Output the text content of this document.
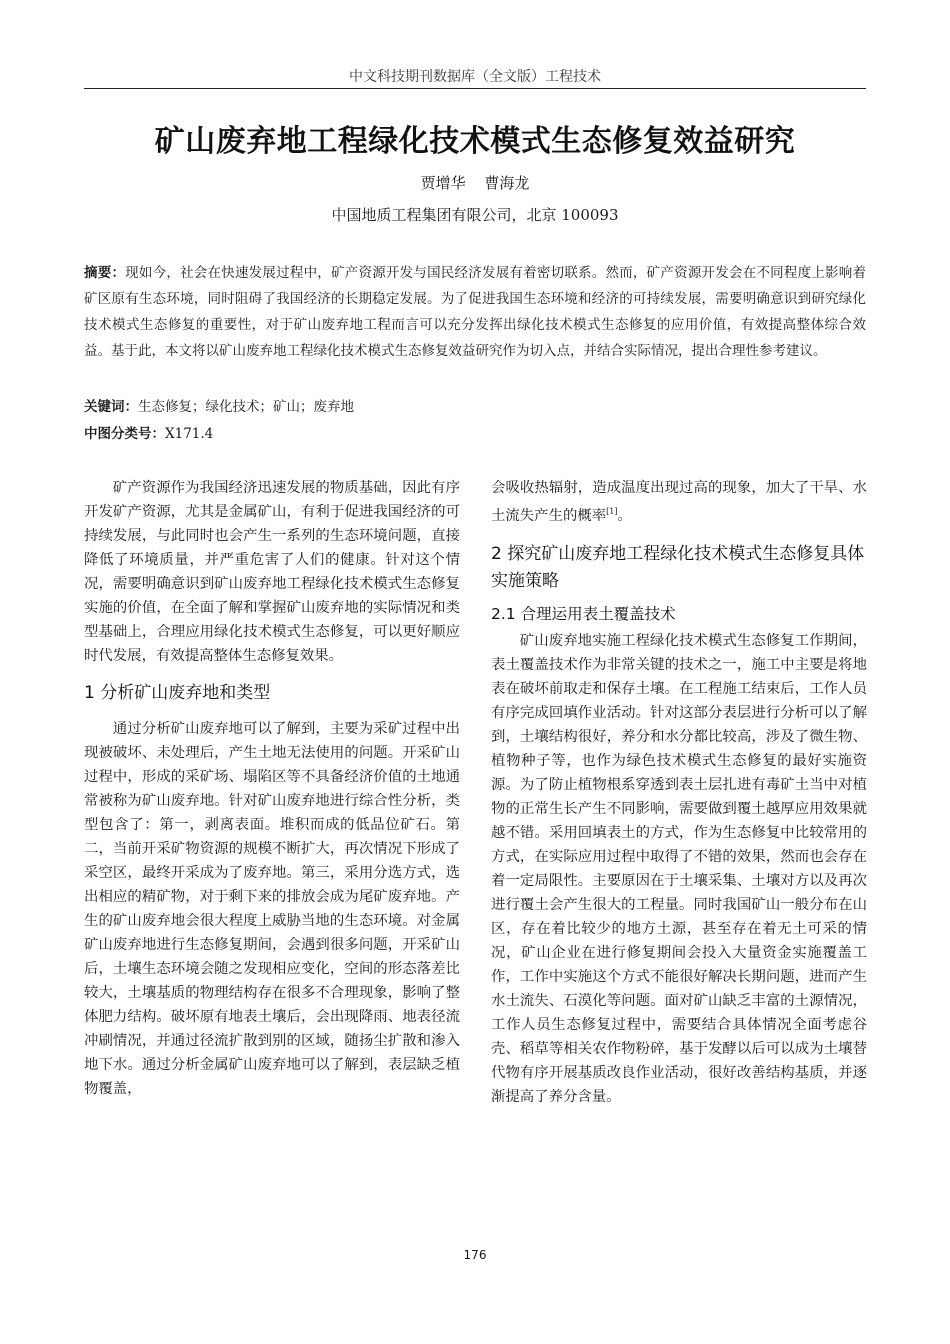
中文科技期刊数据库（全文版）工程技术
矿山废弃地工程绿化技术模式生态修复效益研究
贾增华 曹海龙
中国地质工程集团有限公司，北京 100093
摘要：现如今，社会在快速发展过程中，矿产资源开发与国民经济发展有着密切联系。然而，矿产资源开发会在不同程度上影响着矿区原有生态环境，同时阻碍了我国经济的长期稳定发展。为了促进我国生态环境和经济的可持续发展，需要明确意识到研究绿化技术模式生态修复的重要性，对于矿山废弃地工程而言可以充分发挥出绿化技术模式生态修复的应用价值，有效提高整体综合效益。基于此，本文将以矿山废弃地工程绿化技术模式生态修复效益研究作为切入点，并结合实际情况，提出合理性参考建议。
关键词：生态修复；绿化技术；矿山；废弃地
中图分类号：X171.4

矿产资源作为我国经济迅速发展的物质基础，因此有序开发矿产资源，尤其是金属矿山，有利于促进我国经济的可持续发展，与此同时也会产生一系列的生态环境问题，直接降低了环境质量，并严重危害了人们的健康。针对这个情况，需要明确意识到矿山废弃地工程绿化技术模式生态修复实施的价值，在全面了解和掌握矿山废弃地的实际情况和类型基础上，合理应用绿化技术模式生态修复，可以更好顺应时代发展，有效提高整体生态修复效果。

1 分析矿山废弃地和类型

通过分析矿山废弃地可以了解到，主要为采矿过程中出现被破坏、未处理后，产生土地无法使用的问题。开采矿山过程中，形成的采矿场、塌陷区等不具备经济价值的土地通常被称为矿山废弃地。针对矿山废弃地进行综合性分析，类型包含了：第一，剥离表面。堆积而成的低品位矿石。第二，当前开采矿物资源的规模不断扩大，再次情况下形成了采空区，最终开采成为了废弃地。第三，采用分选方式，选出相应的精矿物，对于剩下来的排放会成为尾矿废弃地。产生的矿山废弃地会很大程度上威胁当地的生态环境。对金属矿山废弃地进行生态修复期间，会遇到很多问题，开采矿山后，土壤生态环境会随之发现相应变化，空间的形态落差比较大，土壤基质的物理结构存在很多不合理现象，影响了整体肥力结构。破坏原有地表土壤后，会出现降雨、地表径流冲刷情况，并通过径流扩散到别的区域，随扬尘扩散和渗入地下水。通过分析金属矿山废弃地可以了解到，表层缺乏植物覆盖，

会吸收热辐射，造成温度出现过高的现象，加大了干旱、水土流失产生的概率[1]。

2 探究矿山废弃地工程绿化技术模式生态修复具体实施策略
2.1 合理运用表土覆盖技术

矿山废弃地实施工程绿化技术模式生态修复工作期间，表土覆盖技术作为非常关键的技术之一，施工中主要是将地表在破坏前取走和保存土壤。在工程施工结束后，工作人员有序完成回填作业活动。针对这部分表层进行分析可以了解到，土壤结构很好，养分和水分都比较高，涉及了微生物、植物种子等，也作为绿色技术模式生态修复的最好实施资源。为了防止植物根系穿透到表土层扎进有毒矿土当中对植物的正常生长产生不同影响，需要做到覆土越厚应用效果就越不错。采用回填表土的方式，作为生态修复中比较常用的方式，在实际应用过程中取得了不错的效果，然而也会存在着一定局限性。主要原因在于土壤采集、土壤对方以及再次进行覆土会产生很大的工程量。同时我国矿山一般分布在山区，存在着比较少的地方土源，甚至存在着无土可采的情况，矿山企业在进行修复期间会投入大量资金实施覆盖工作，工作中实施这个方式不能很好解决长期问题，进而产生水土流失、石漠化等问题。面对矿山缺乏丰富的土源情况，工作人员生态修复过程中，需要结合具体情况全面考虑谷壳、稻草等相关农作物粉碎，基于发酵以后可以成为土壤替代物有序开展基质改良作业活动，很好改善结构基质，并逐渐提高了养分含量。

176
